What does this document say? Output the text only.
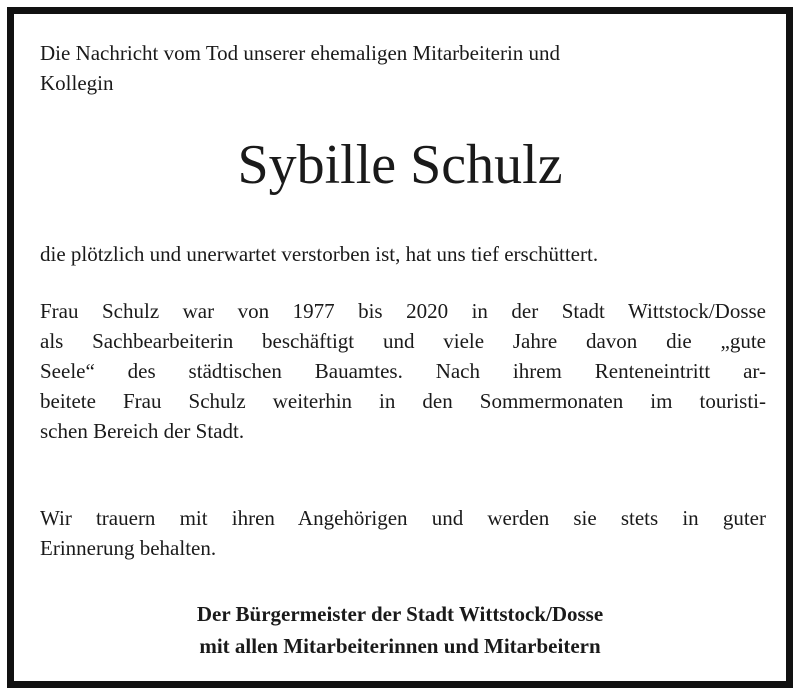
Die Nachricht vom Tod unserer ehemaligen Mitarbeiterin und
Kollegin

Sybille Schulz

die plötzlich und unerwartet verstorben ist, hat uns tief erschüttert.

Frau Schulz war von 1977 bis 2020 in der Stadt Wittstock/Dosse
als Sachbearbeiterin beschäftigt und viele Jahre davon die „gute
Seele“ des städtischen Bauamtes. Nach ihrem Renteneintritt ar-
beitete Frau Schulz weiterhin in den Sommermonaten im touristi-
schen Bereich der Stadt.

Wir trauern mit ihren Angehörigen und werden sie stets in guter
Erinnerung behalten.

Der Bürgermeister der Stadt Wittstock/Dosse
mit allen Mitarbeiterinnen und Mitarbeitern
